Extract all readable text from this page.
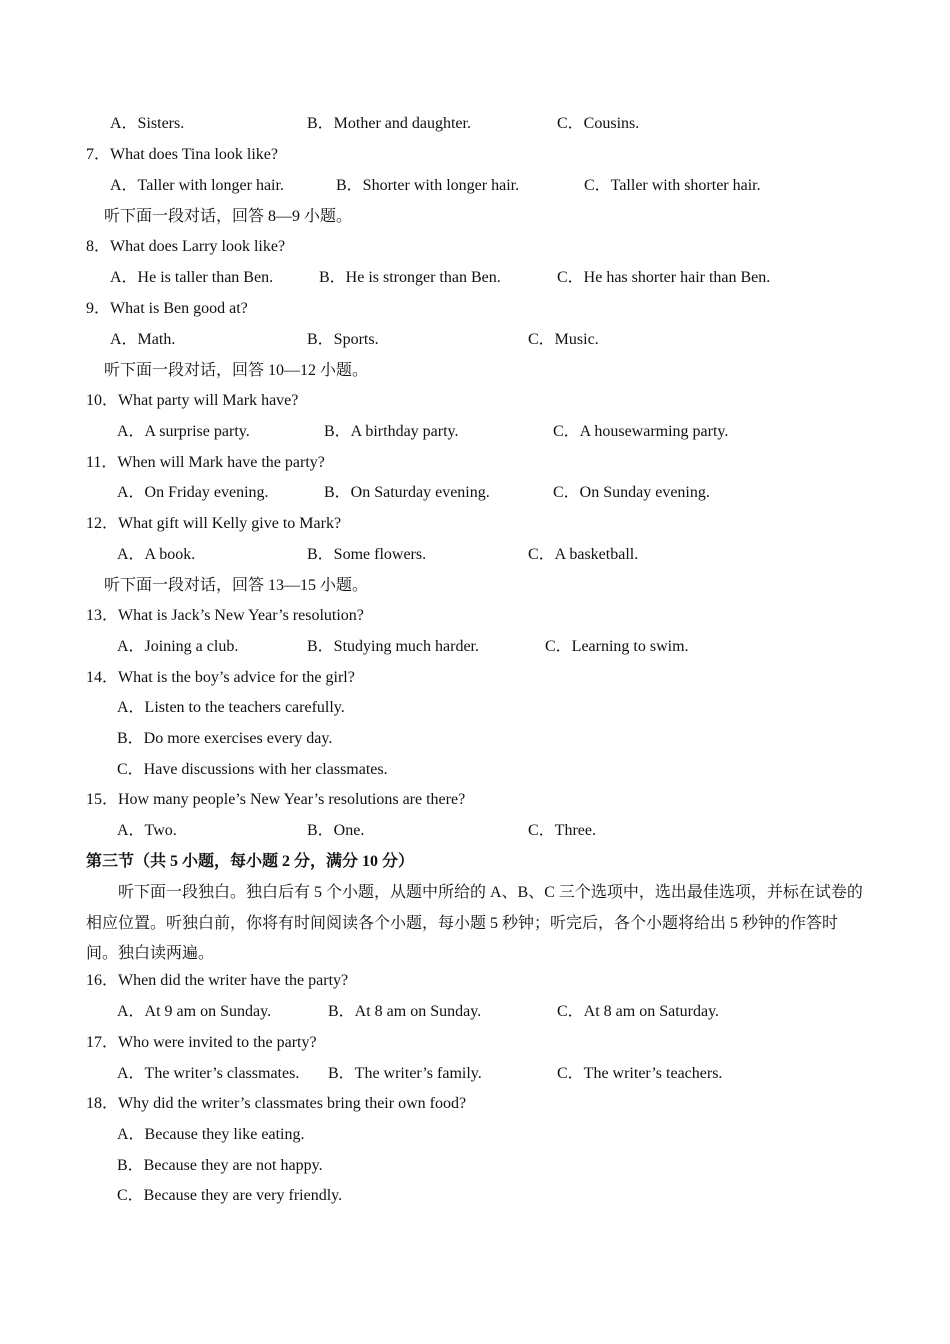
A．Sisters.	B．Mother and daughter.	C．Cousins.
7．What does Tina look like?
A．Taller with longer hair.	B．Shorter with longer hair.	C．Taller with shorter hair.
听下面一段对话，回答 8—9 小题。
8．What does Larry look like?
A．He is taller than Ben.	B．He is stronger than Ben.	C．He has shorter hair than Ben.
9．What is Ben good at?
A．Math.	B．Sports.	C．Music.
听下面一段对话，回答 10—12 小题。
10．What party will Mark have?
A．A surprise party.	B．A birthday party.	C．A housewarming party.
11．When will Mark have the party?
A．On Friday evening.	B．On Saturday evening.	C．On Sunday evening.
12．What gift will Kelly give to Mark?
A．A book.	B．Some flowers.	C．A basketball.
听下面一段对话，回答 13—15 小题。
13．What is Jack’s New Year’s resolution?
A．Joining a club.	B．Studying much harder.	C．Learning to swim.
14．What is the boy’s advice for the girl?
A．Listen to the teachers carefully.
B．Do more exercises every day.
C．Have discussions with her classmates.
15．How many people’s New Year’s resolutions are there?
A．Two.	B．One.	C．Three.
第三节（共 5 小题，每小题 2 分，满分 10 分）
听下面一段独白。独白后有 5 个小题，从题中所给的 A、B、C 三个选项中，选出最佳选项，并标在试卷的相应位置。听独白前，你将有时间阅读各个小题，每小题 5 秒钟；听完后，各个小题将给出 5 秒钟的作答时间。独白读两遍。
16．When did the writer have the party?
A．At 9 am on Sunday.	B．At 8 am on Sunday.	C．At 8 am on Saturday.
17．Who were invited to the party?
A．The writer’s classmates. B．The writer’s family.	C．The writer’s teachers.
18．Why did the writer’s classmates bring their own food?
A．Because they like eating.
B．Because they are not happy.
C．Because they are very friendly.
